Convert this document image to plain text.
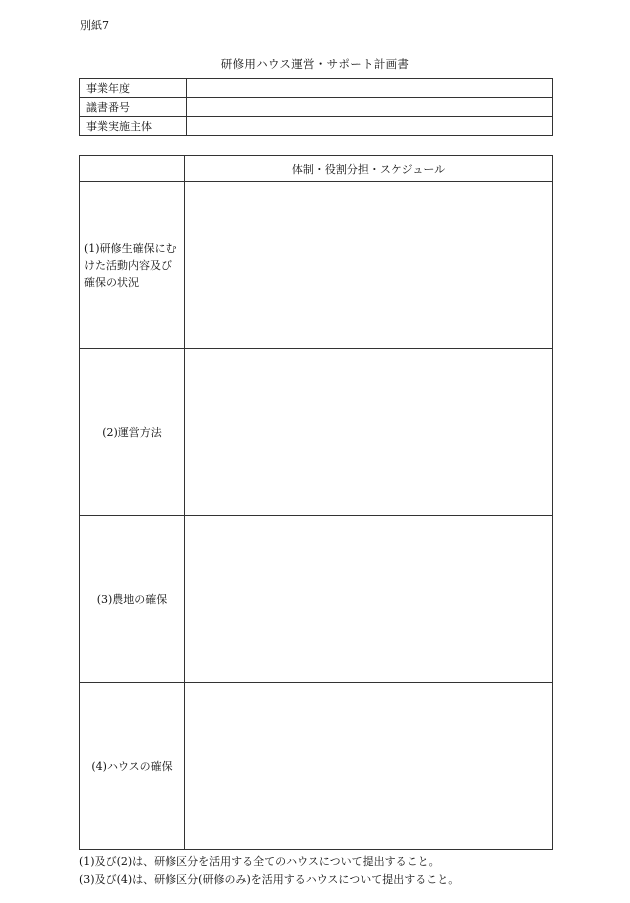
別紙7
研修用ハウス運営・サポート計画書
事業年度	
議書番号	
事業実施主体	
	体制・役割分担・スケジュール
(1)研修生確保にむけた活動内容及び確保の状況	
(2)運営方法	
(3)農地の確保	
(4)ハウスの確保	
(1)及び(2)は、研修区分を活用する全てのハウスについて提出すること。
(3)及び(4)は、研修区分(研修のみ)を活用するハウスについて提出すること。
